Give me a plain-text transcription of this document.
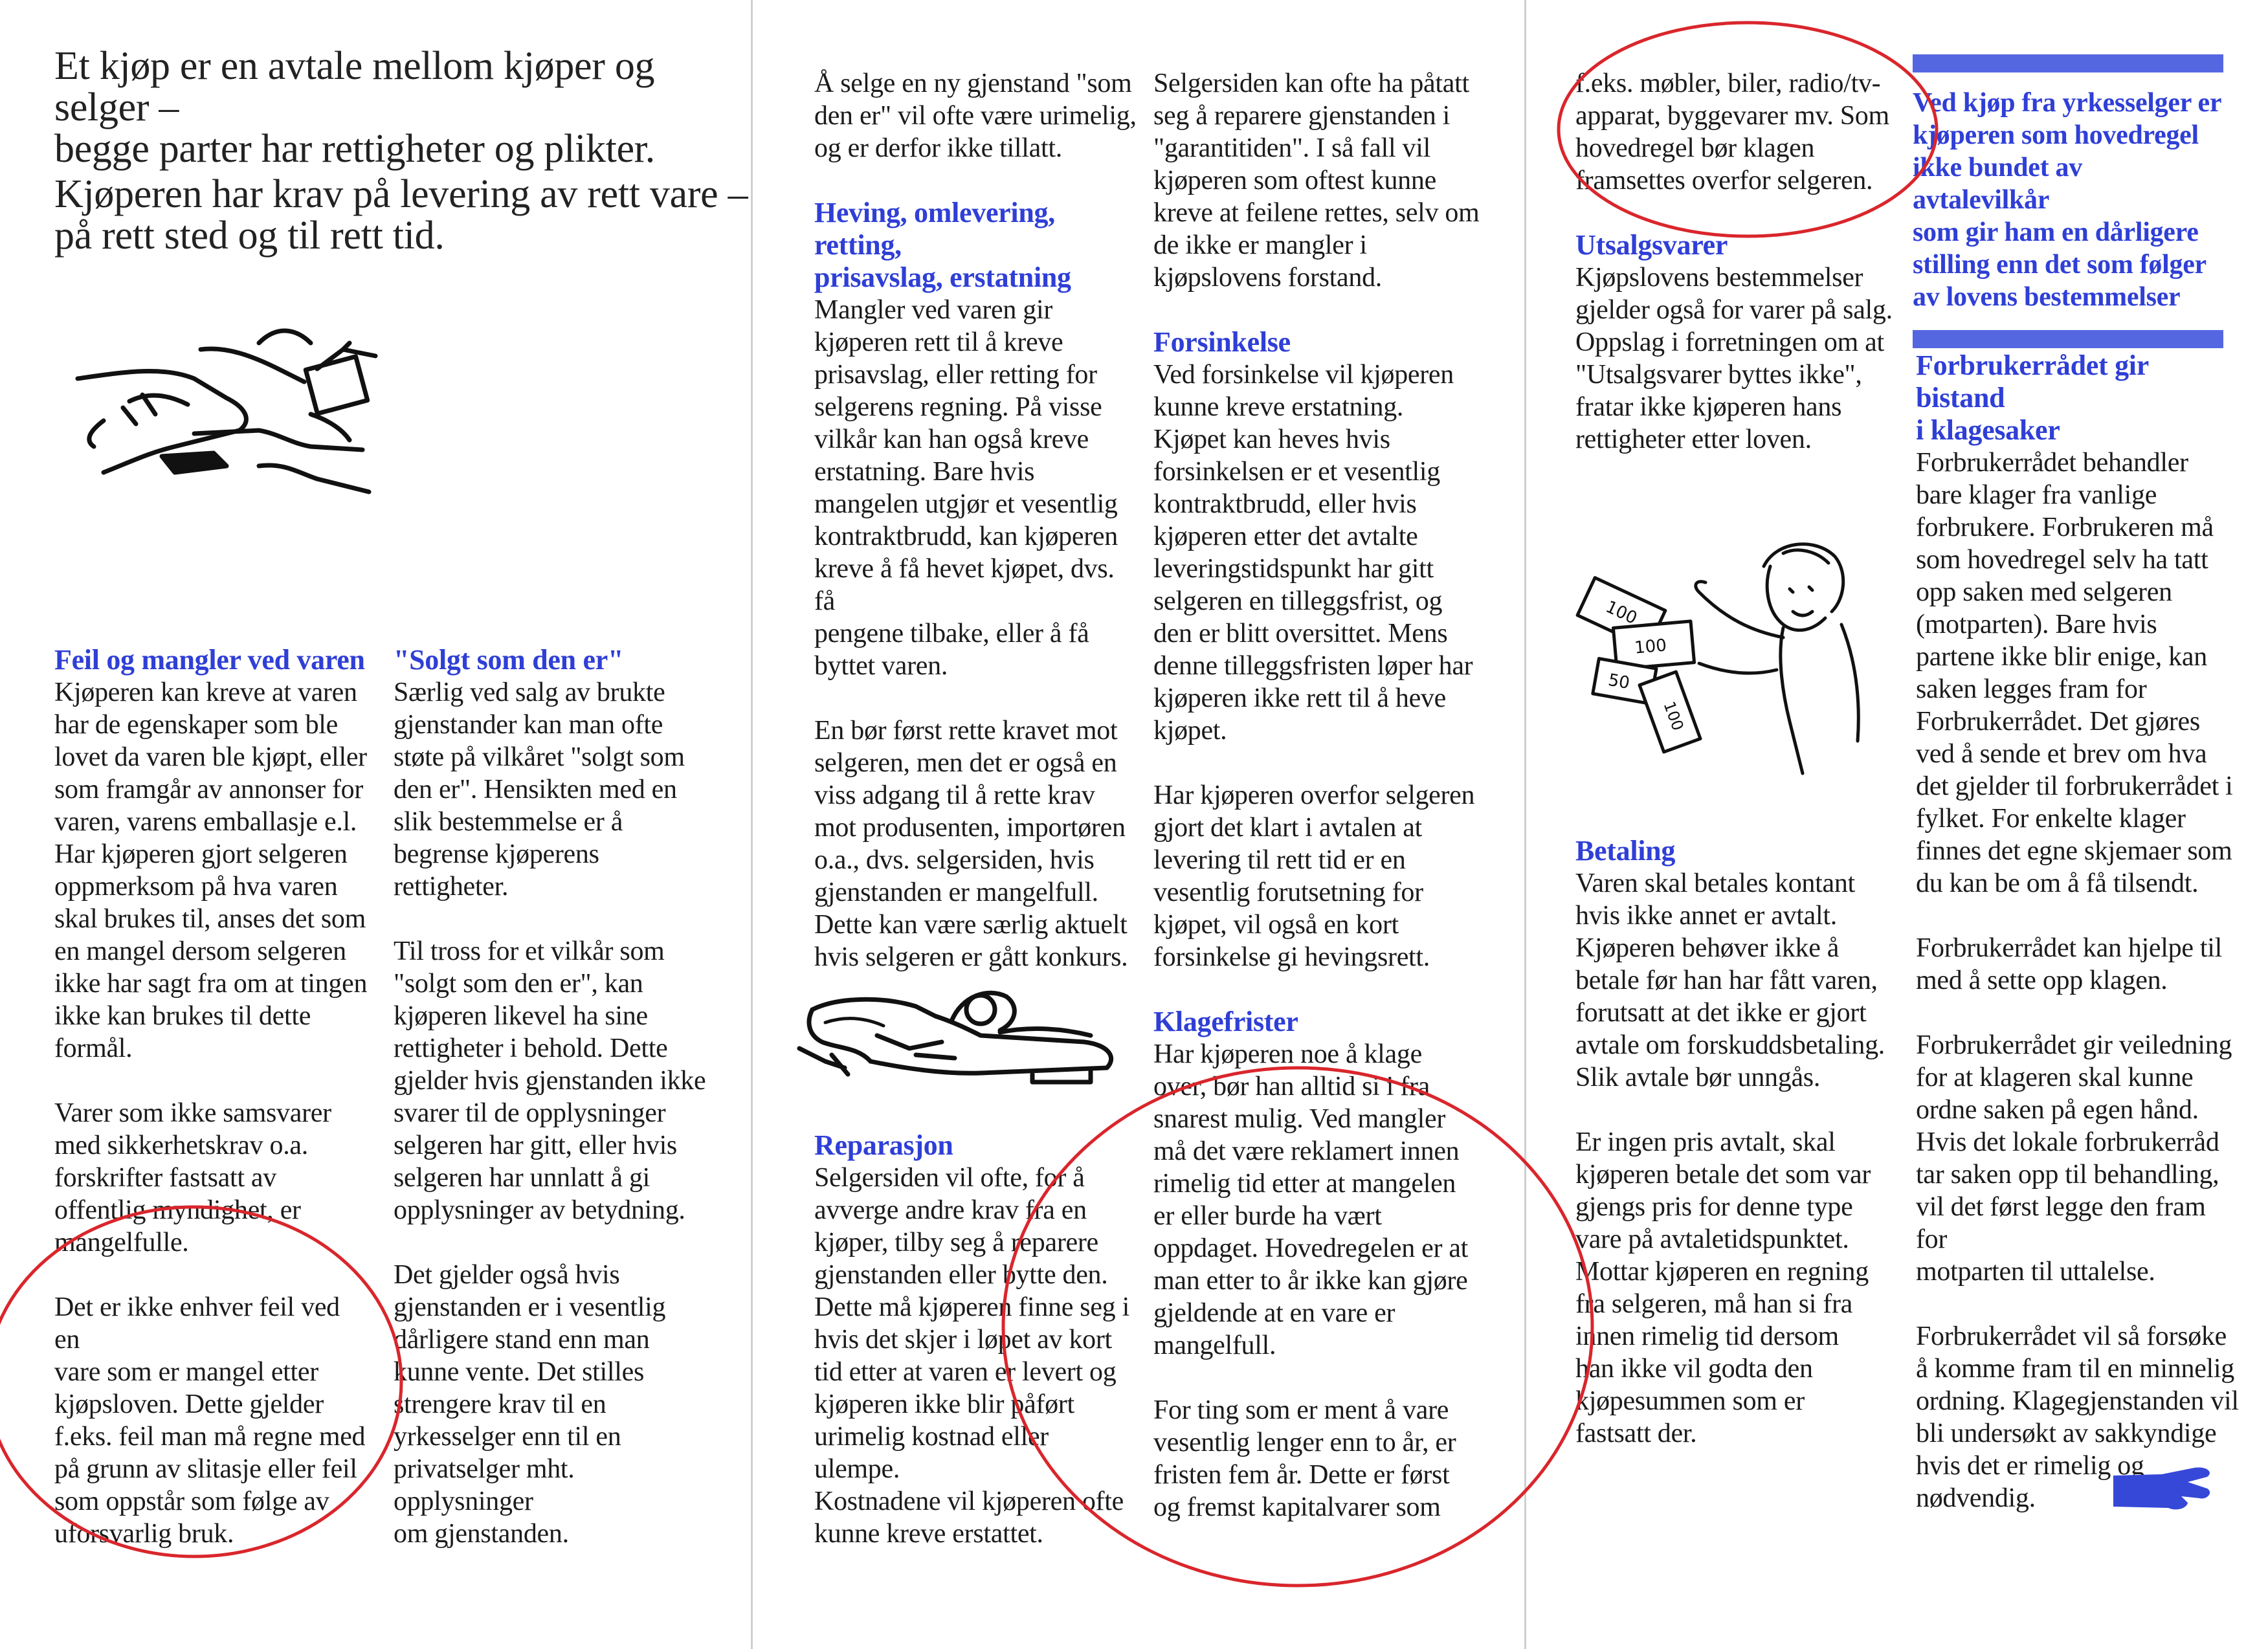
Et kjøp er en avtale mellom kjøper og selger –
begge parter har rettigheter og plikter.
Kjøperen har krav på levering av rett vare –
på rett sted og til rett tid.
Feil og mangler ved varen

Kjøperen kan kreve at varen
har de egenskaper som ble
lovet da varen ble kjøpt, eller
som framgår av annonser for
varen, varens emballasje e.l.
Har kjøperen gjort selgeren
oppmerksom på hva varen
skal brukes til, anses det som
en mangel dersom selgeren
ikke har sagt fra om at tingen
ikke kan brukes til dette
formål.

Varer som ikke samsvarer
med sikkerhetskrav o.a.
forskrifter fastsatt av
offentlig myndighet, er
mangelfulle.

Det er ikke enhver feil ved en
vare som er mangel etter
kjøpsloven. Dette gjelder
f.eks. feil man må regne med
på grunn av slitasje eller feil
som oppstår som følge av
uforsvarlig bruk.

"Solgt som den er"

Særlig ved salg av brukte
gjenstander kan man ofte
støte på vilkåret "solgt som
den er". Hensikten med en
slik bestemmelse er å
begrense kjøperens
rettigheter.

Til tross for et vilkår som
"solgt som den er", kan
kjøperen likevel ha sine
rettigheter i behold. Dette
gjelder hvis gjenstanden ikke
svarer til de opplysninger
selgeren har gitt, eller hvis
selgeren har unnlatt å gi
opplysninger av betydning.

Det gjelder også hvis
gjenstanden er i vesentlig
dårligere stand enn man
kunne vente. Det stilles
strengere krav til en
yrkesselger enn til en
privatselger mht. opplysninger
om gjenstanden.

Å selge en ny gjenstand "som
den er" vil ofte være urimelig,
og er derfor ikke tillatt.

Heving, omlevering, retting,
prisavslag, erstatning

Mangler ved varen gir
kjøperen rett til å kreve
prisavslag, eller retting for
selgerens regning. På visse
vilkår kan han også kreve
erstatning. Bare hvis
mangelen utgjør et vesentlig
kontraktbrudd, kan kjøperen
kreve å få hevet kjøpet, dvs. få
pengene tilbake, eller å få
byttet varen.

En bør først rette kravet mot
selgeren, men det er også en
viss adgang til å rette krav
mot produsenten, importøren
o.a., dvs. selgersiden, hvis
gjenstanden er mangelfull.
Dette kan være særlig aktuelt
hvis selgeren er gått konkurs.

Reparasjon

Selgersiden vil ofte, for å
avverge andre krav fra en
kjøper, tilby seg å reparere
gjenstanden eller bytte den.
Dette må kjøperen finne seg i
hvis det skjer i løpet av kort
tid etter at varen er levert og
kjøperen ikke blir påført
urimelig kostnad eller ulempe.
Kostnadene vil kjøperen ofte
kunne kreve erstattet.

Selgersiden kan ofte ha påtatt
seg å reparere gjenstanden i
"garantitiden". I så fall vil
kjøperen som oftest kunne
kreve at feilene rettes, selv om
de ikke er mangler i
kjøpslovens forstand.

Forsinkelse

Ved forsinkelse vil kjøperen
kunne kreve erstatning.
Kjøpet kan heves hvis
forsinkelsen er et vesentlig
kontraktbrudd, eller hvis
kjøperen etter det avtalte
leveringstidspunkt har gitt
selgeren en tilleggsfrist, og
den er blitt oversittet. Mens
denne tilleggsfristen løper har
kjøperen ikke rett til å heve
kjøpet.

Har kjøperen overfor selgeren
gjort det klart i avtalen at
levering til rett tid er en
vesentlig forutsetning for
kjøpet, vil også en kort
forsinkelse gi hevingsrett.

Klagefrister

Har kjøperen noe å klage
over, bør han alltid si i fra
snarest mulig. Ved mangler
må det være reklamert innen
rimelig tid etter at mangelen
er eller burde ha vært
oppdaget. Hovedregelen er at
man etter to år ikke kan gjøre
gjeldende at en vare er
mangelfull.

For ting som er ment å vare
vesentlig lenger enn to år, er
fristen fem år. Dette er først
og fremst kapitalvarer som

f.eks. møbler, biler, radio/tv-
apparat, byggevarer mv. Som
hovedregel bør klagen
framsettes overfor selgeren.

Utsalgsvarer

Kjøpslovens bestemmelser
gjelder også for varer på salg.
Oppslag i forretningen om at
"Utsalgsvarer byttes ikke",
fratar ikke kjøperen hans
rettigheter etter loven.

100
100
50
100
Betaling

Varen skal betales kontant
hvis ikke annet er avtalt.
Kjøperen behøver ikke å
betale før han har fått varen,
forutsatt at det ikke er gjort
avtale om forskuddsbetaling.
Slik avtale bør unngås.

Er ingen pris avtalt, skal
kjøperen betale det som var
gjengs pris for denne type
vare på avtaletidspunktet.
Mottar kjøperen en regning
fra selgeren, må han si fra
innen rimelig tid dersom
han ikke vil godta den
kjøpesummen som er
fastsatt der.

Ved kjøp fra yrkesselger er
kjøperen som hovedregel
ikke bundet av avtalevilkår
som gir ham en dårligere
stilling enn det som følger
av lovens bestemmelser
Forbrukerrådet gir bistand
i klagesaker

Forbrukerrådet behandler
bare klager fra vanlige
forbrukere. Forbrukeren må
som hovedregel selv ha tatt
opp saken med selgeren
(motparten). Bare hvis
partene ikke blir enige, kan
saken legges fram for
Forbrukerrådet. Det gjøres
ved å sende et brev om hva
det gjelder til forbrukerrådet i
fylket. For enkelte klager
finnes det egne skjemaer som
du kan be om å få tilsendt.

Forbrukerrådet kan hjelpe til
med å sette opp klagen.

Forbrukerrådet gir veiledning
for at klageren skal kunne
ordne saken på egen hånd.
Hvis det lokale forbrukerråd
tar saken opp til behandling,
vil det først legge den fram for
motparten til uttalelse.

Forbrukerrådet vil så forsøke
å komme fram til en minnelig
ordning. Klagegjenstanden vil
bli undersøkt av sakkyndige
hvis det er rimelig og
nødvendig.
